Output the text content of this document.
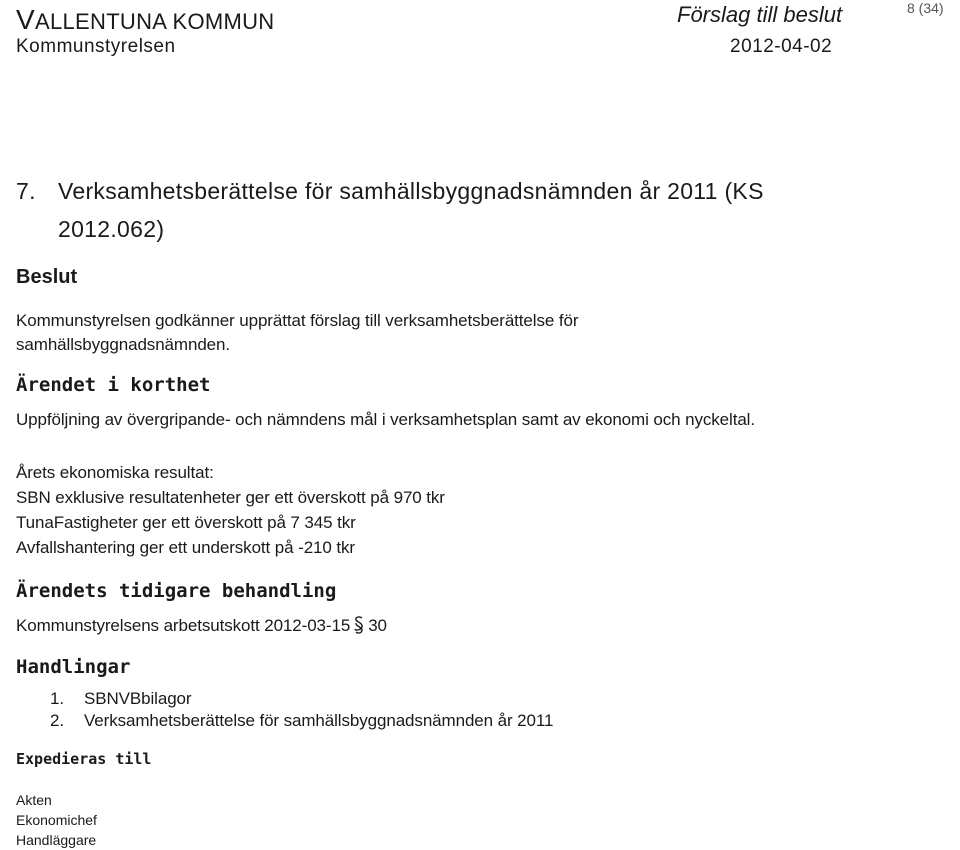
VALLENTUNA KOMMUN
Kommunstyrelsen
Förslag till beslut	8 (34)
2012-04-02
7. Verksamhetsberättelse för samhällsbyggnadsnämnden år 2011 (KS
2012.062)
Beslut
Kommunstyrelsen godkänner upprättat förslag till verksamhetsberättelse för
samhällsbyggnadsnämnden.
Ärendet i korthet
Uppföljning av övergripande- och nämndens mål i verksamhetsplan samt av ekonomi och nyckeltal.
Årets ekonomiska resultat:
SBN exklusive resultatenheter ger ett överskott på 970 tkr
TunaFastigheter ger ett överskott på 7 345 tkr
Avfallshantering ger ett underskott på -210 tkr
Ärendets tidigare behandling
Kommunstyrelsens arbetsutskott 2012-03-15 30
Handlingar
1. SBNVBbilagor
2. Verksamhetsberättelse för samhällsbyggnadsnämnden år 2011
Expedieras till
Akten
Ekonomichef
Handläggare
